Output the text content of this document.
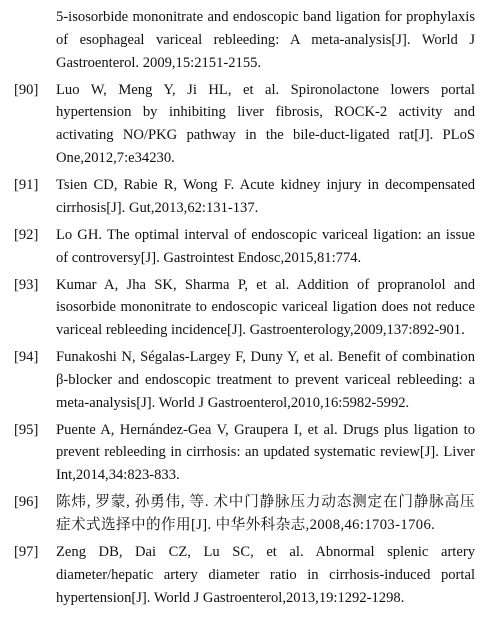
5-isosorbide mononitrate and endoscopic band ligation for prophylaxis of esophageal variceal rebleeding: A meta-analysis[J]. World J Gastroenterol. 2009,15:2151-2155.

[90]	Luo W, Meng Y, Ji HL, et al. Spironolactone lowers portal hypertension by inhibiting liver fibrosis, ROCK-2 activity and activating NO/PKG pathway in the bile-duct-ligated rat[J]. PLoS One,2012,7:e34230.

[91]	Tsien CD, Rabie R, Wong F. Acute kidney injury in decompensated cirrhosis[J]. Gut,2013,62:131-137.

[92]	Lo GH. The optimal interval of endoscopic variceal ligation: an issue of controversy[J]. Gastrointest Endosc,2015,81:774.

[93]	Kumar A, Jha SK, Sharma P, et al. Addition of propranolol and isosorbide mononitrate to endoscopic variceal ligation does not reduce variceal rebleeding incidence[J]. Gastroenterology,2009,137:892-901.

[94]	Funakoshi N, Ségalas-Largey F, Duny Y, et al. Benefit of combination β-blocker and endoscopic treatment to prevent variceal rebleeding: a meta-analysis[J]. World J Gastroenterol,2010,16:5982-5992.

[95]	Puente A, Hernández-Gea V, Graupera I, et al. Drugs plus ligation to prevent rebleeding in cirrhosis: an updated systematic review[J]. Liver Int,2014,34:823-833.

[96]	陈炜, 罗蒙, 孙勇伟, 等. 术中门静脉压力动态测定在门静脉高压症术式选择中的作用[J]. 中华外科杂志,2008,46:1703-1706.

[97]	Zeng DB, Dai CZ, Lu SC, et al. Abnormal splenic artery diameter/hepatic artery diameter ratio in cirrhosis-induced portal hypertension[J]. World J Gastroenterol,2013,19:1292-1298.
